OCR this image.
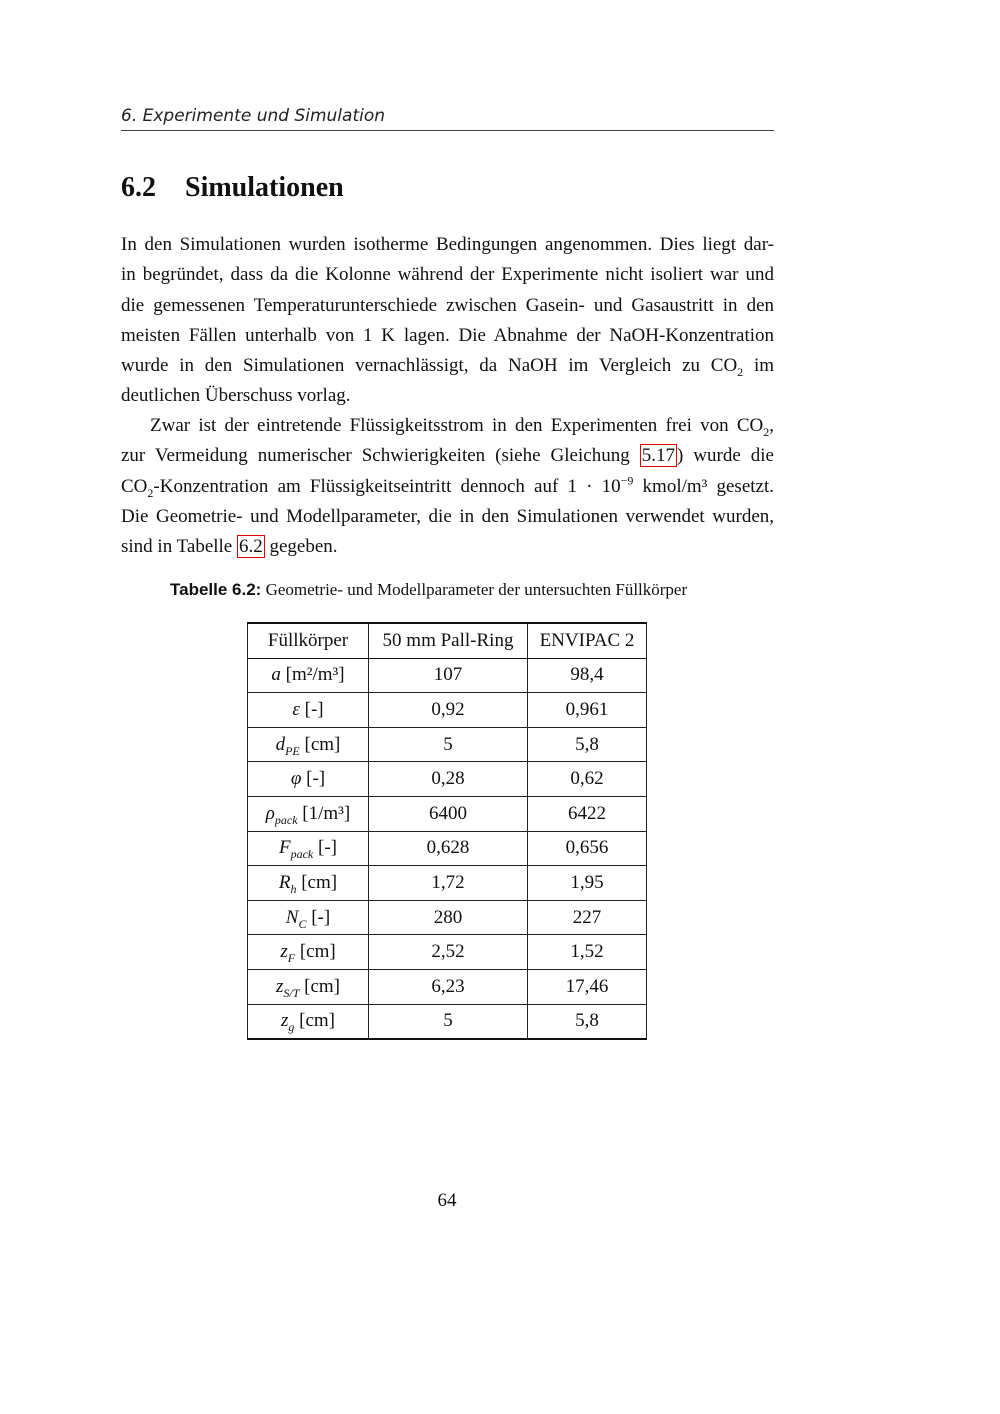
6. Experimente und Simulation
6.2 Simulationen
In den Simulationen wurden isotherme Bedingungen angenommen. Dies liegt dar-
in begründet, dass da die Kolonne während der Experimente nicht isoliert war und
die gemessenen Temperaturunterschiede zwischen Gasein- und Gasaustritt in den
meisten Fällen unterhalb von 1 K lagen. Die Abnahme der NaOH-Konzentration
wurde in den Simulationen vernachlässigt, da NaOH im Vergleich zu $CO_2$ im
deutlichen Überschuss vorlag.
Zwar ist der eintretende Flüssigkeitsstrom in den Experimenten frei von $CO_2$,
zur Vermeidung numerischer Schwierigkeiten (siehe Gleichung 5.17 ) wurde die
$CO_2$-Konzentration am Flüssigkeitseintritt dennoch auf $1 \cdot 10^{-9}$ kmol/m³ gesetzt.
Die Geometrie- und Modellparameter, die in den Simulationen verwendet wurden,
sind in Tabelle 6.2 gegeben.
Tabelle 6.2: Geometrie- und Modellparameter der untersuchten Füllkörper
Füllkörper	50 mm Pall-Ring	ENVIPAC 2
a [m²/m³]	107	98,4
ε [-]	0,92	0,961
$d_{PE}$ [cm]	5	5,8
φ [-]	0,28	0,62
$\rho_{pack}$ [1/m³]	6400	6422
$F_{pack}$ [-]	0,628	0,656
$R_h$ [cm]	1,72	1,95
$N_C$ [-]	280	227
$z_F$ [cm]	2,52	1,52
$z_{S/T}$ [cm]	6,23	17,46
$z_g$ [cm]	5	5,8
64
